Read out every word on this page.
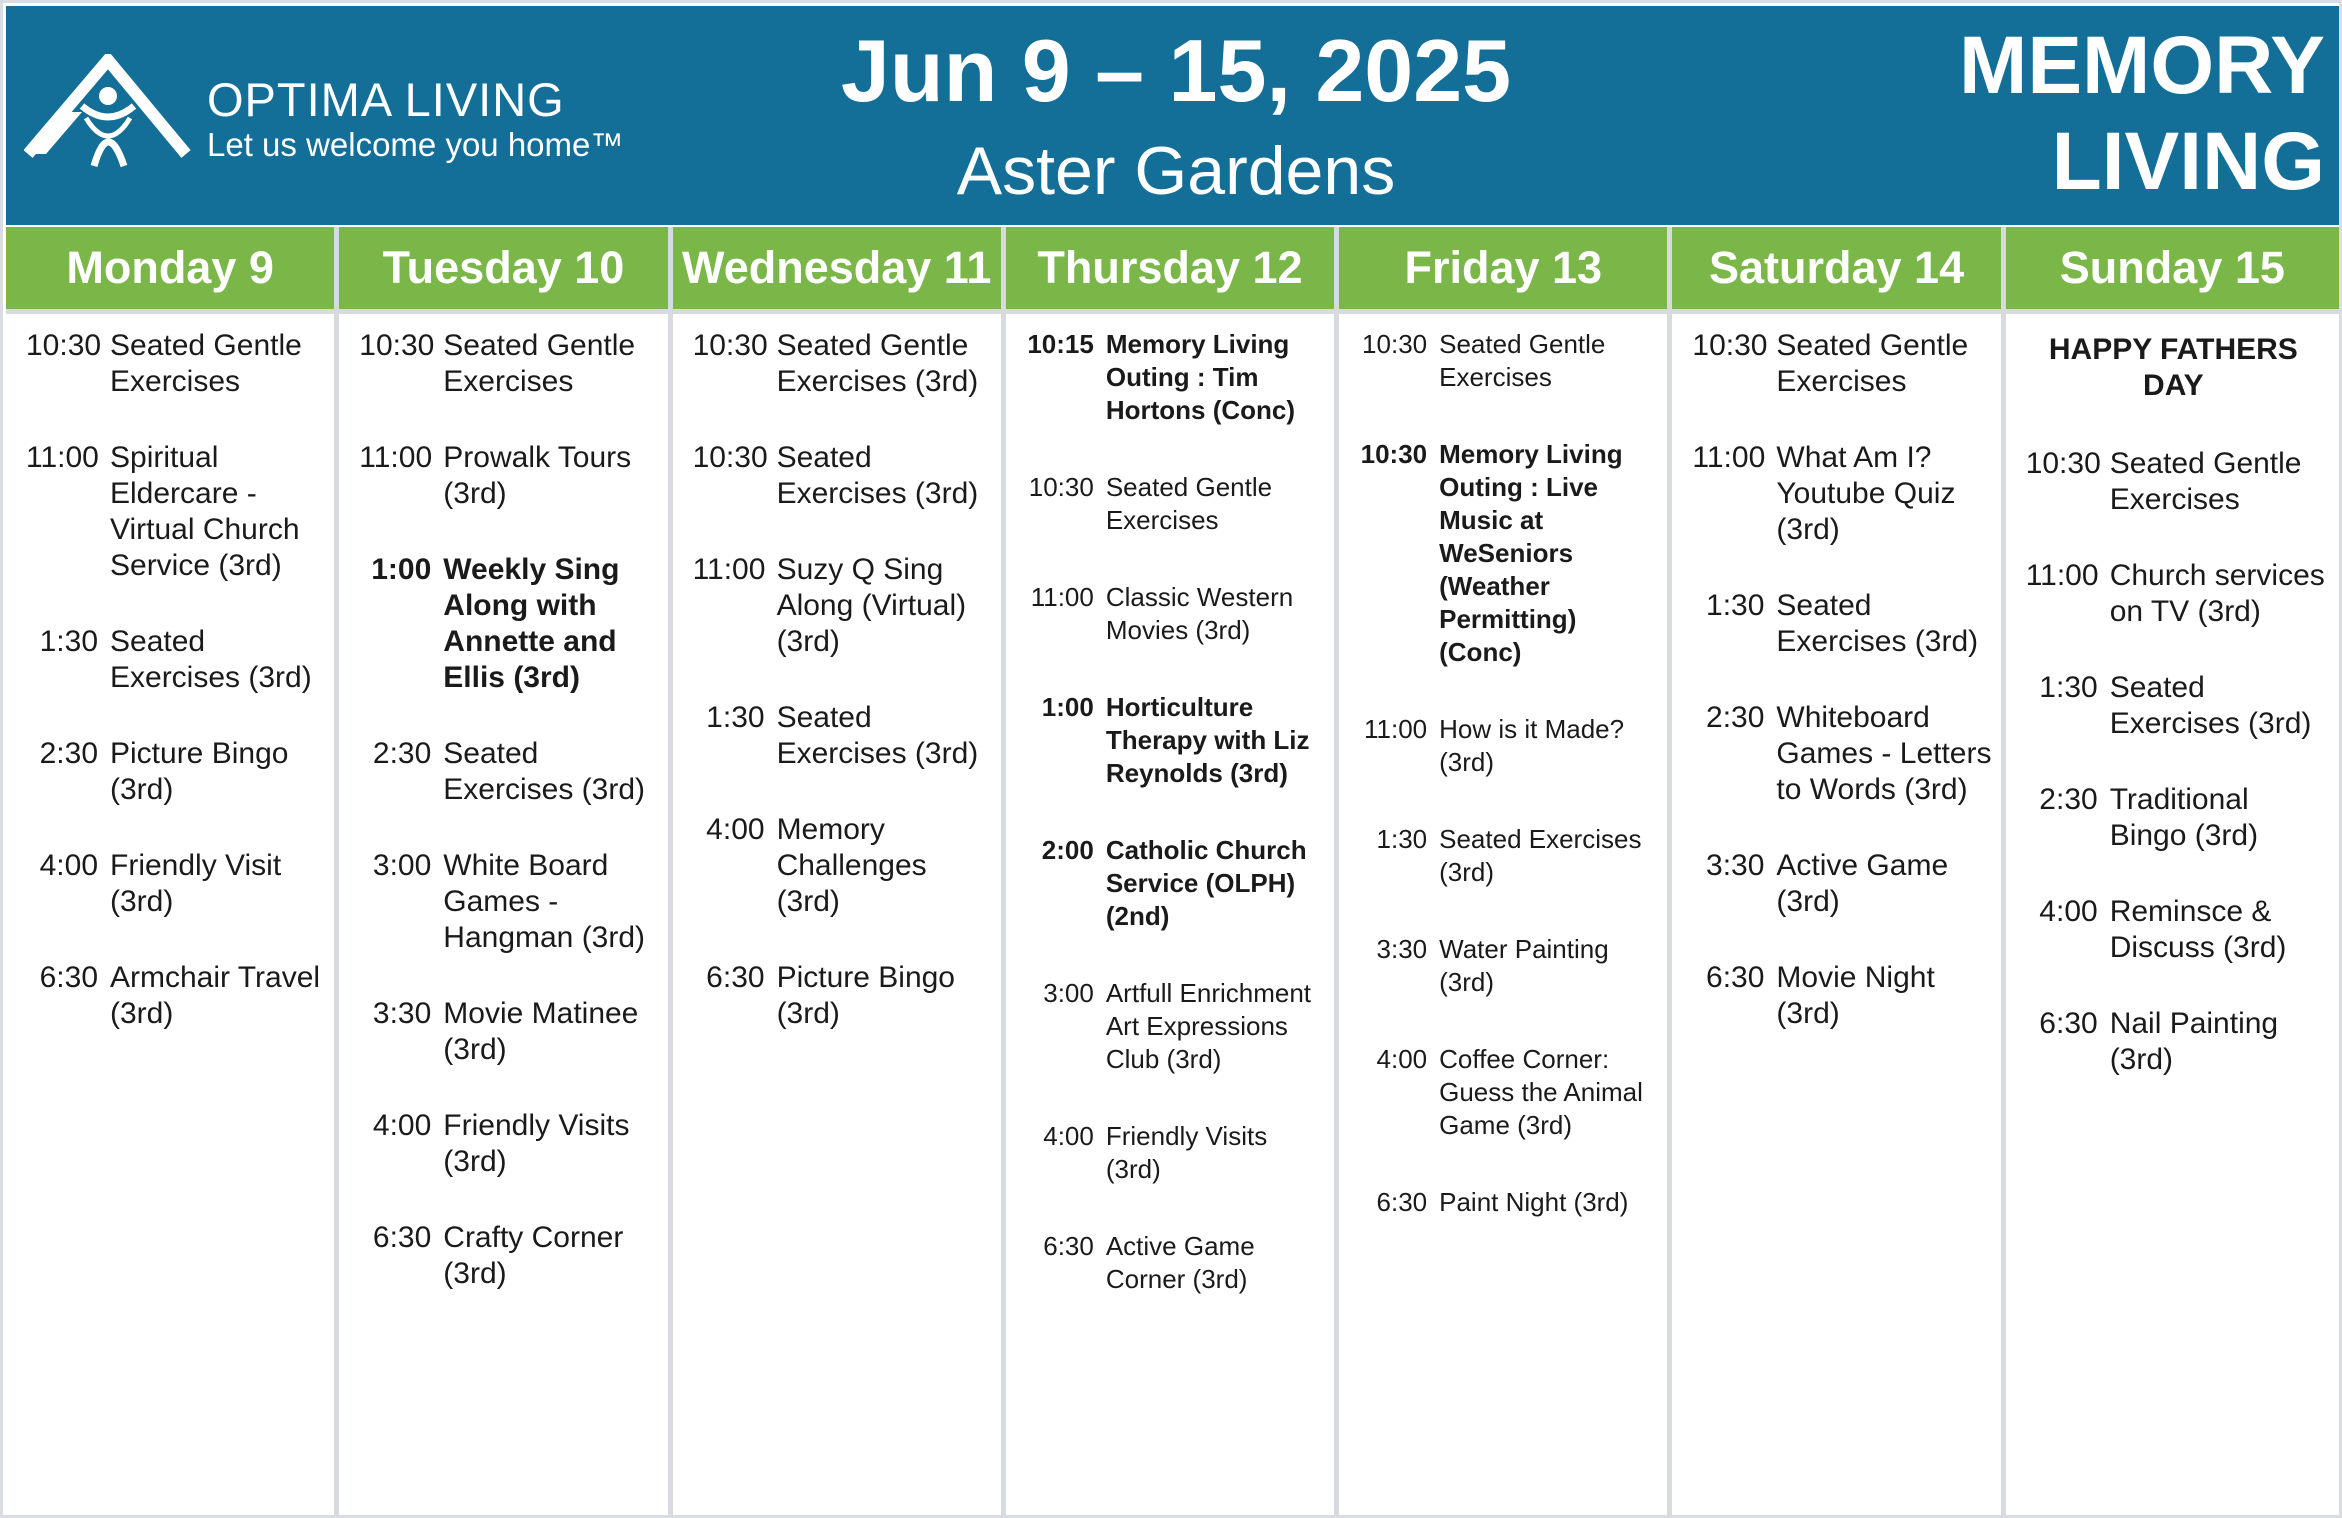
OPTIMA LIVING
Let us welcome you home™
Jun 9 – 15, 2025
Aster Gardens
MEMORY
LIVING
Monday 9
10:30 Seated Gentle Exercises
11:00 Spiritual Eldercare - Virtual Church Service (3rd)
1:30 Seated Exercises (3rd)
2:30 Picture Bingo (3rd)
4:00 Friendly Visit (3rd)
6:30 Armchair Travel (3rd)
Tuesday 10
10:30 Seated Gentle Exercises
11:00 Prowalk Tours (3rd)
1:00 Weekly Sing Along with Annette and Ellis (3rd)
2:30 Seated Exercises (3rd)
3:00 White Board Games - Hangman (3rd)
3:30 Movie Matinee (3rd)
4:00 Friendly Visits (3rd)
6:30 Crafty Corner (3rd)
Wednesday 11
10:30 Seated Gentle Exercises (3rd)
10:30 Seated Exercises (3rd)
11:00 Suzy Q Sing Along (Virtual) (3rd)
1:30 Seated Exercises (3rd)
4:00 Memory Challenges (3rd)
6:30 Picture Bingo (3rd)
Thursday 12
10:15 Memory Living Outing : Tim Hortons (Conc)
10:30 Seated Gentle Exercises
11:00 Classic Western Movies (3rd)
1:00 Horticulture Therapy with Liz Reynolds (3rd)
2:00 Catholic Church Service (OLPH) (2nd)
3:00 Artfull Enrichment Art Expressions Club (3rd)
4:00 Friendly Visits (3rd)
6:30 Active Game Corner (3rd)
Friday 13
10:30 Seated Gentle Exercises
10:30 Memory Living Outing : Live Music at WeSeniors (Weather Permitting) (Conc)
11:00 How is it Made? (3rd)
1:30 Seated Exercises (3rd)
3:30 Water Painting (3rd)
4:00 Coffee Corner: Guess the Animal Game (3rd)
6:30 Paint Night (3rd)
Saturday 14
10:30 Seated Gentle Exercises
11:00 What Am I? Youtube Quiz (3rd)
1:30 Seated Exercises (3rd)
2:30 Whiteboard Games - Letters to Words (3rd)
3:30 Active Game (3rd)
6:30 Movie Night (3rd)
Sunday 15
HAPPY FATHERS DAY
10:30 Seated Gentle Exercises
11:00 Church services on TV (3rd)
1:30 Seated Exercises (3rd)
2:30 Traditional Bingo (3rd)
4:00 Reminsce & Discuss (3rd)
6:30 Nail Painting (3rd)
